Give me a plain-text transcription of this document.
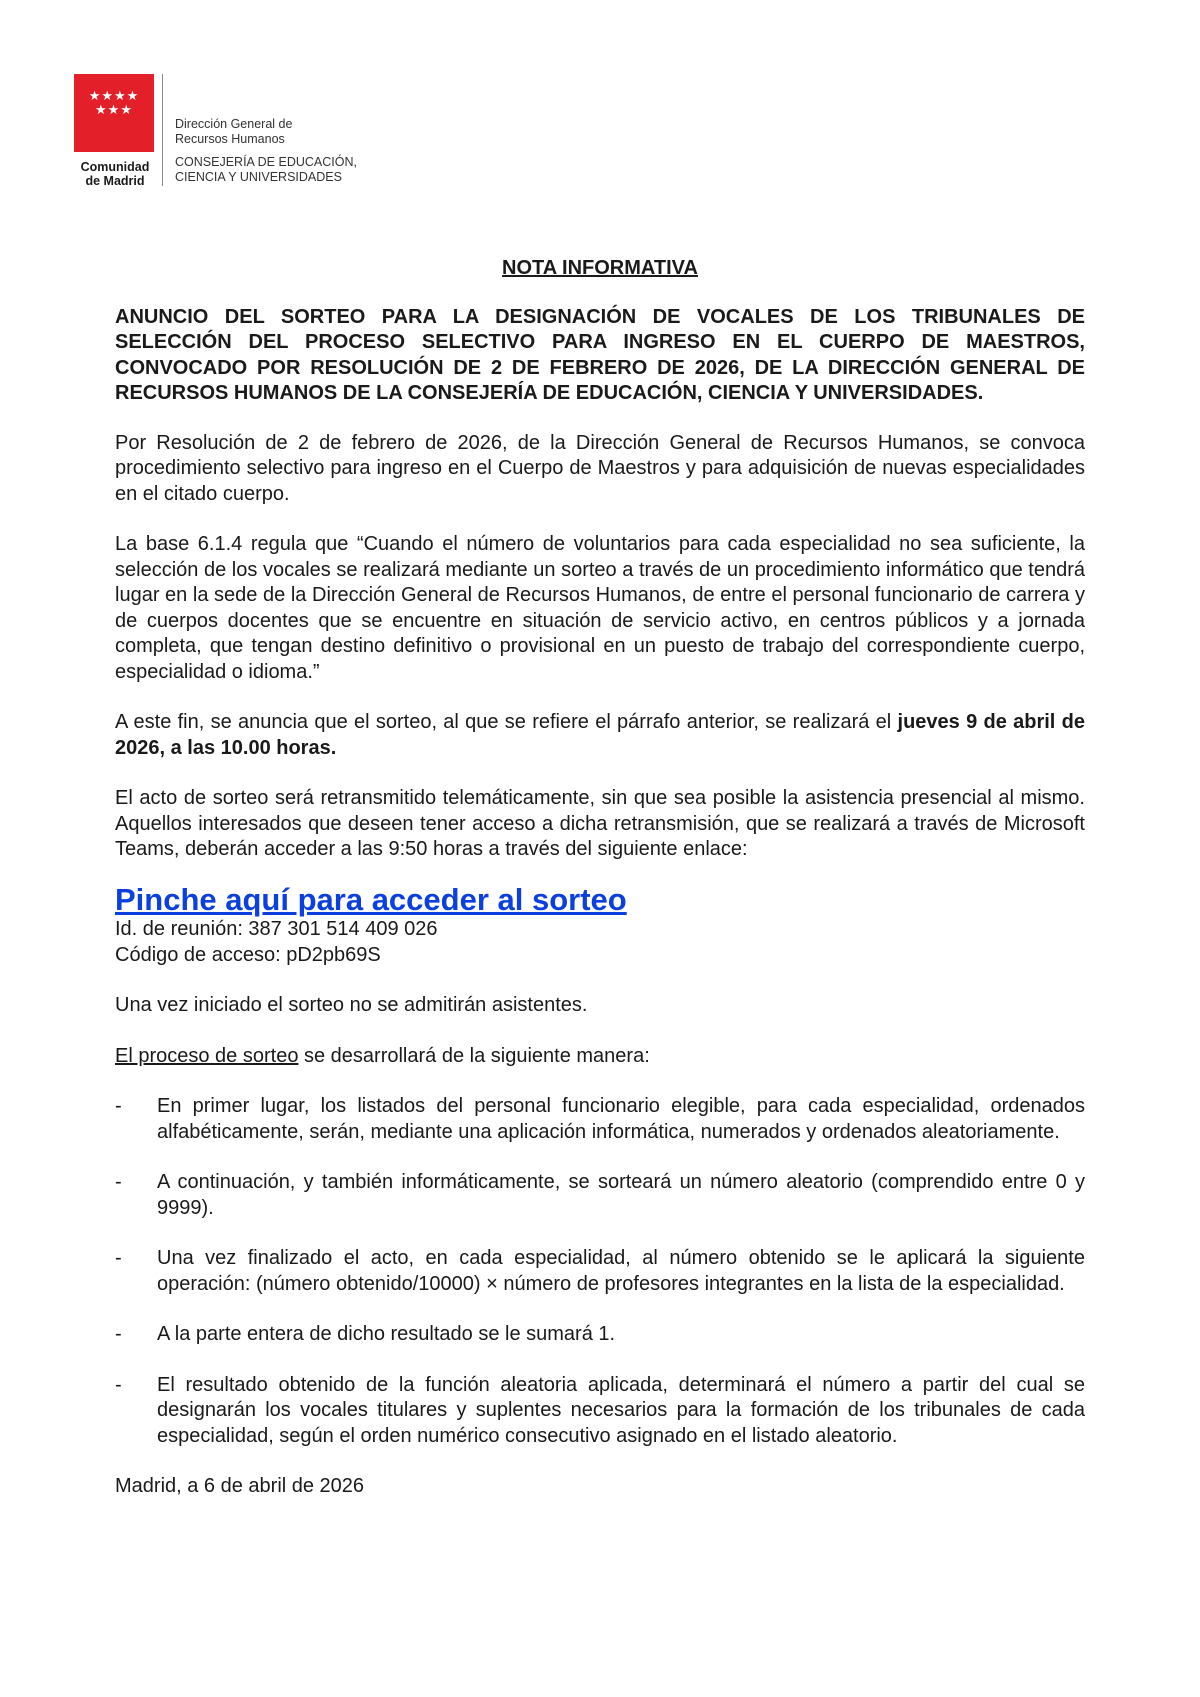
★★★★
★★★
Comunidad
de Madrid
Dirección General de
Recursos Humanos
CONSEJERÍA DE EDUCACIÓN,
CIENCIA Y UNIVERSIDADES
NOTA INFORMATIVA
ANUNCIO DEL SORTEO PARA LA DESIGNACIÓN DE VOCALES DE LOS TRIBUNALES DE SELECCIÓN DEL PROCESO SELECTIVO PARA INGRESO EN EL CUERPO DE MAESTROS, CONVOCADO POR RESOLUCIÓN DE 2 DE FEBRERO DE 2026, DE LA DIRECCIÓN GENERAL DE RECURSOS HUMANOS DE LA CONSEJERÍA DE EDUCACIÓN, CIENCIA Y UNIVERSIDADES.

Por Resolución de 2 de febrero de 2026, de la Dirección General de Recursos Humanos, se convoca procedimiento selectivo para ingreso en el Cuerpo de Maestros y para adquisición de nuevas especialidades en el citado cuerpo.

La base 6.1.4 regula que “Cuando el número de voluntarios para cada especialidad no sea suficiente, la selección de los vocales se realizará mediante un sorteo a través de un procedimiento informático que tendrá lugar en la sede de la Dirección General de Recursos Humanos, de entre el personal funcionario de carrera y de cuerpos docentes que se encuentre en situación de servicio activo, en centros públicos y a jornada completa, que tengan destino definitivo o provisional en un puesto de trabajo del correspondiente cuerpo, especialidad o idioma.”

A este fin, se anuncia que el sorteo, al que se refiere el párrafo anterior, se realizará el jueves 9 de abril de 2026, a las 10.00 horas.

El acto de sorteo será retransmitido telemáticamente, sin que sea posible la asistencia presencial al mismo. Aquellos interesados que deseen tener acceso a dicha retransmisión, que se realizará a través de Microsoft Teams, deberán acceder a las 9:50 horas a través del siguiente enlace:

Pinche aquí para acceder al sorteo
Id. de reunión: 387 301 514 409 026
Código de acceso: pD2pb69S

Una vez iniciado el sorteo no se admitirán asistentes.

El proceso de sorteo se desarrollará de la siguiente manera:

- En primer lugar, los listados del personal funcionario elegible, para cada especialidad, ordenados alfabéticamente, serán, mediante una aplicación informática, numerados y ordenados aleatoriamente.
- A continuación, y también informáticamente, se sorteará un número aleatorio (comprendido entre 0 y 9999).
- Una vez finalizado el acto, en cada especialidad, al número obtenido se le aplicará la siguiente operación: (número obtenido/10000) × número de profesores integrantes en la lista de la especialidad.
- A la parte entera de dicho resultado se le sumará 1.
- El resultado obtenido de la función aleatoria aplicada, determinará el número a partir del cual se designarán los vocales titulares y suplentes necesarios para la formación de los tribunales de cada especialidad, según el orden numérico consecutivo asignado en el listado aleatorio.

Madrid, a 6 de abril de 2026
